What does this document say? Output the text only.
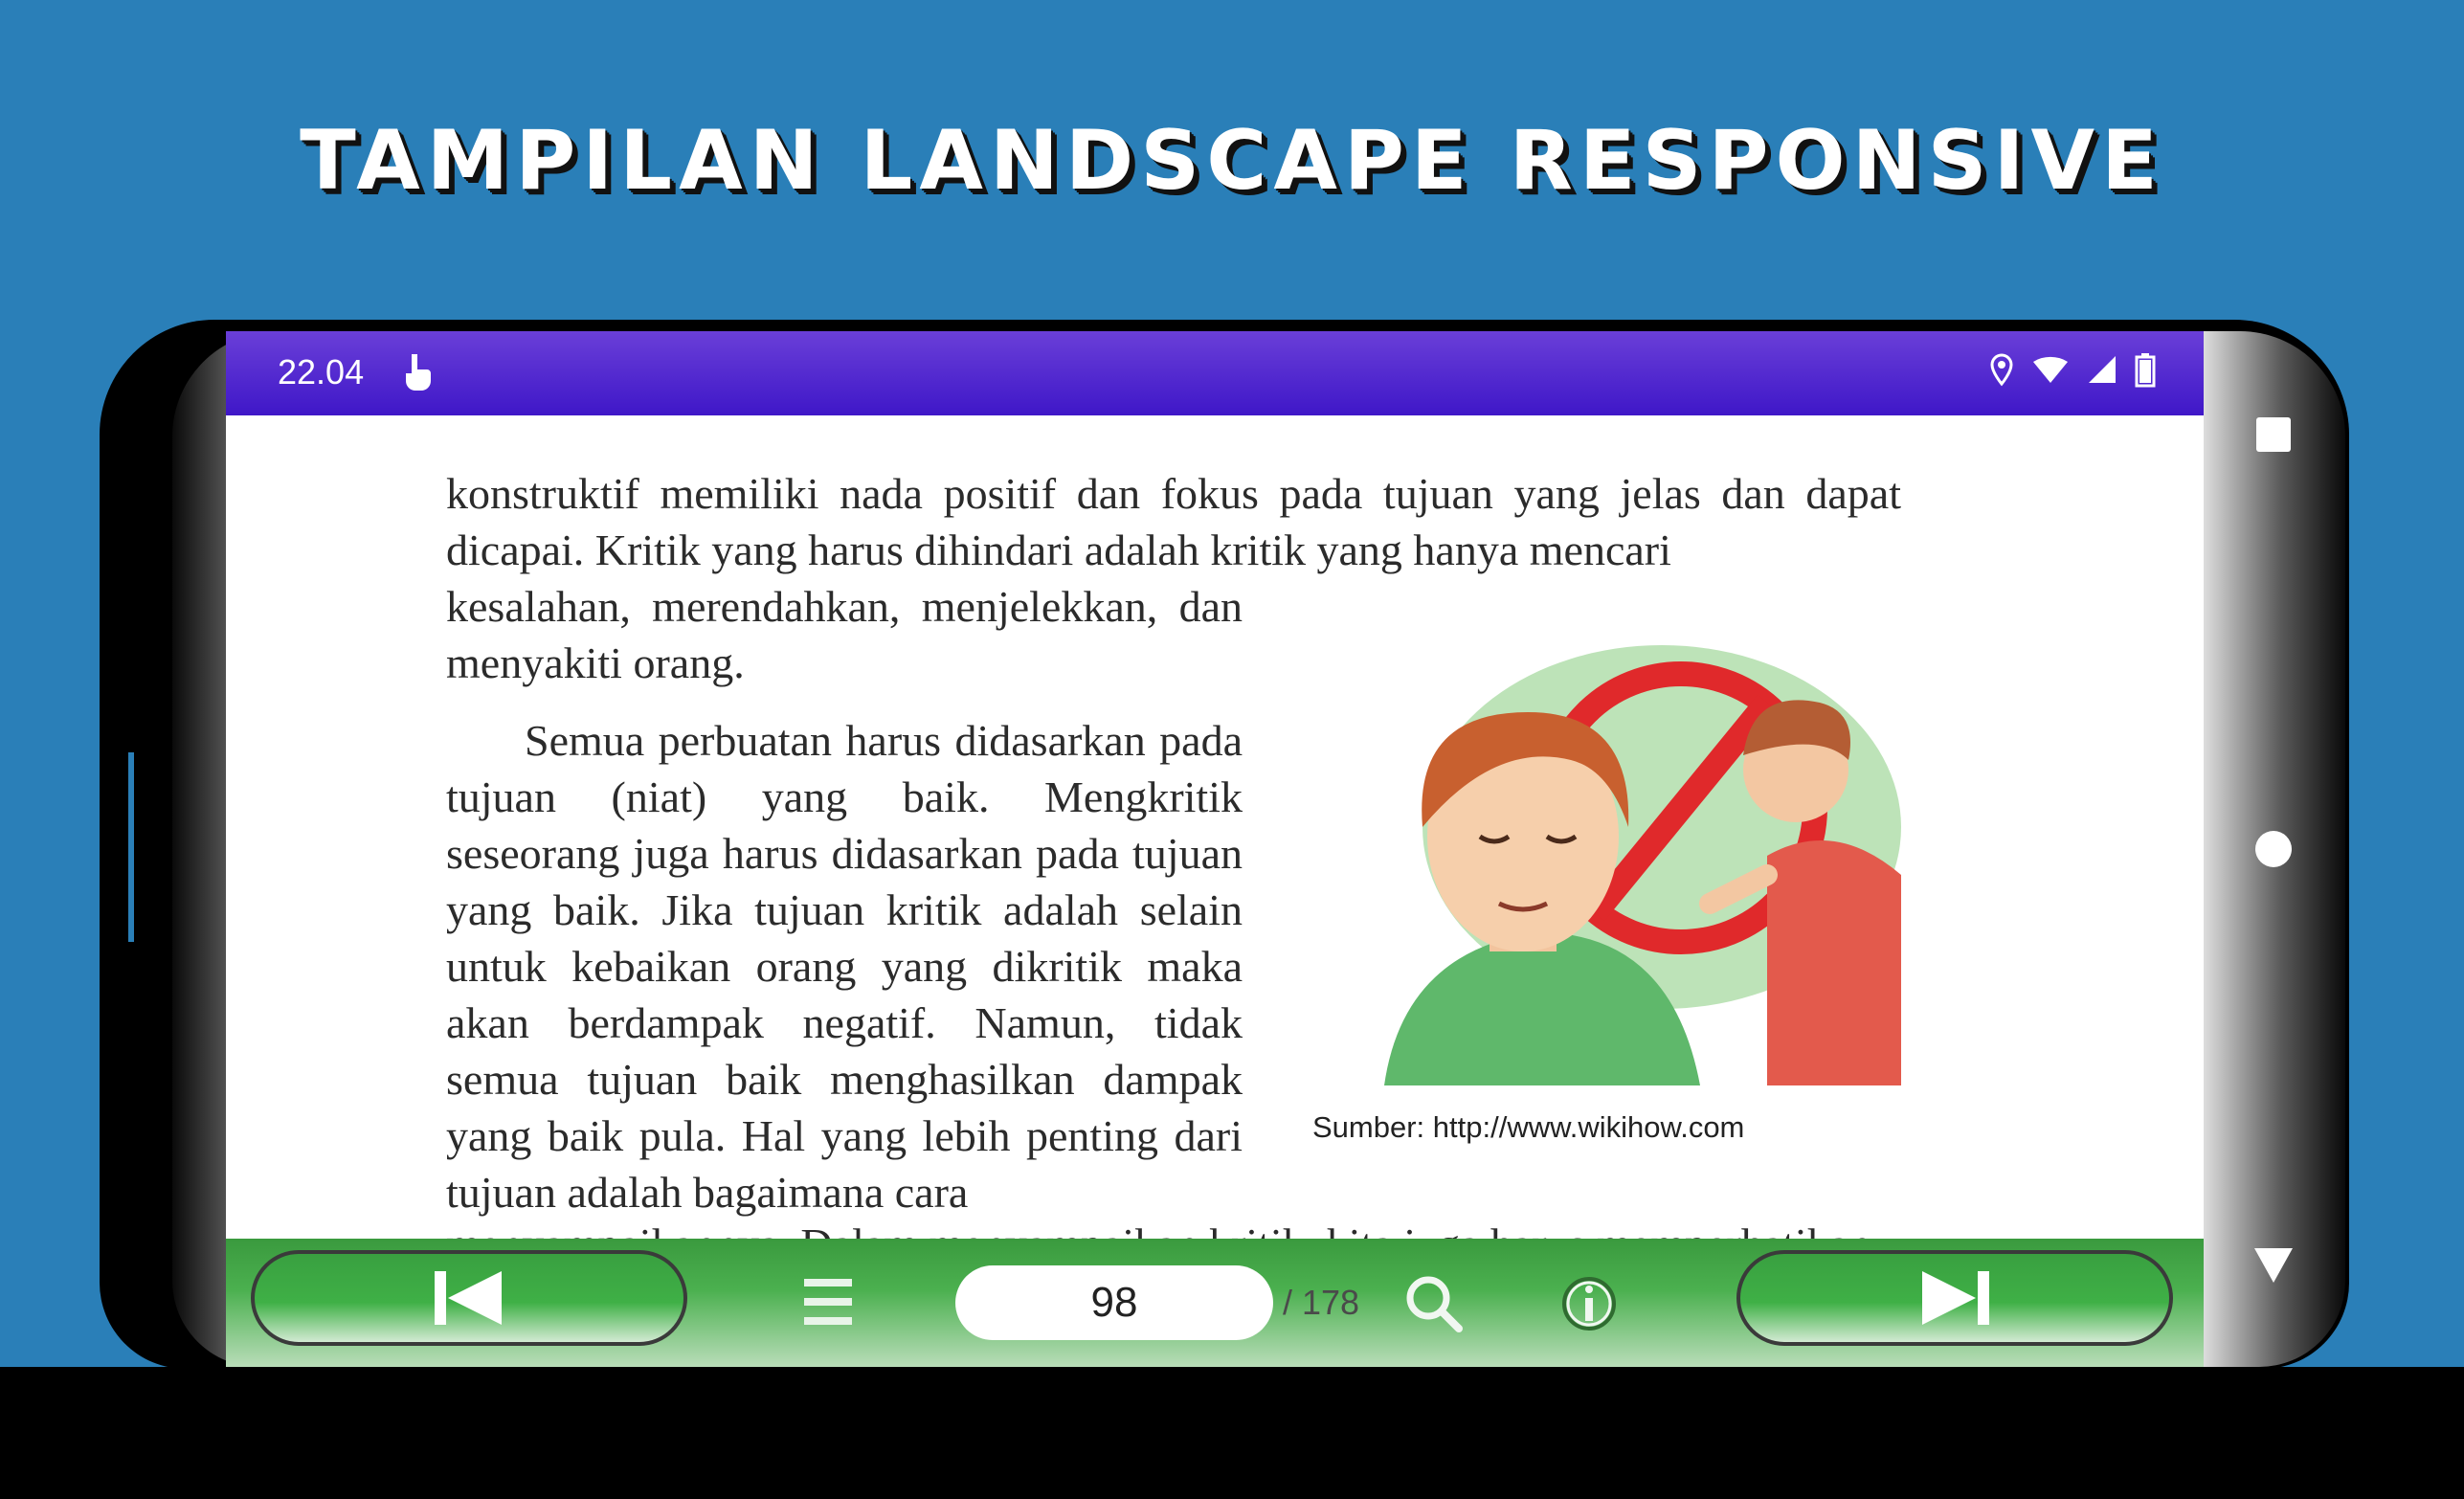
TAMPILAN LANDSCAPE RESPONSIVE
22.04
konstruktif memiliki nada positif dan fokus pada tujuan yang jelas dan dapat dicapai. Kritik yang harus dihindari adalah kritik yang hanya mencari
kesalahan, merendahkan, menjelekkan, dan menyakiti orang.
Semua perbuatan harus didasarkan pada tujuan (niat) yang baik. Mengkritik seseorang juga harus didasarkan pada tujuan yang baik. Jika tujuan kritik adalah selain untuk kebaikan orang yang dikritik maka akan berdampak negatif. Namun, tidak semua tujuan baik menghasilkan dampak yang baik pula. Hal yang lebih penting dari tujuan adalah bagaimana cara
Sumber: http://www.wikihow.com
98	/ 178
